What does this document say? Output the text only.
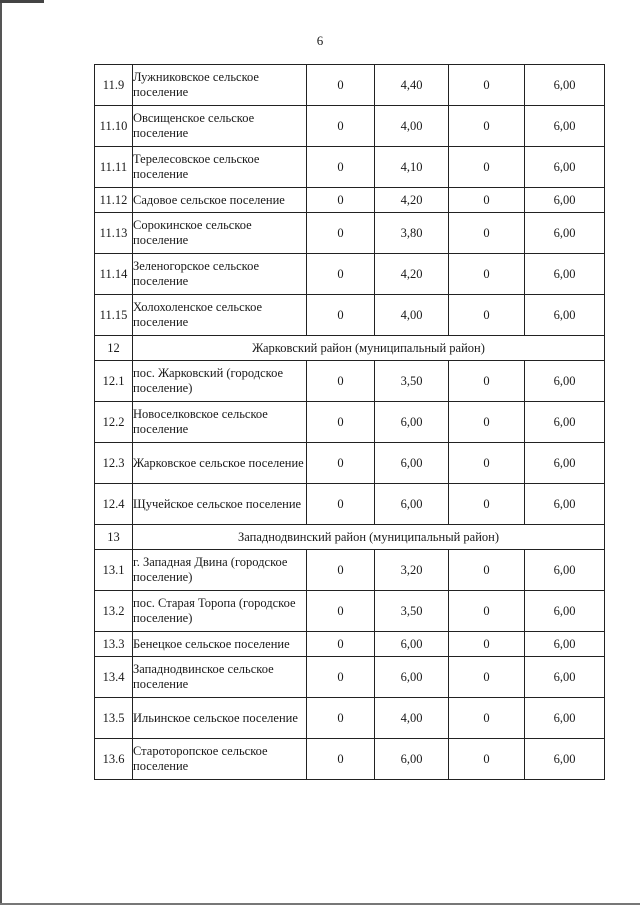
6
11.9	Лужниковское сельское поселение	0	4,40	0	6,00
11.10	Овсищенское сельское поселение	0	4,00	0	6,00
11.11	Терелесовское сельское поселение	0	4,10	0	6,00
11.12	Садовое сельское поселение	0	4,20	0	6,00
11.13	Сорокинское сельское поселение	0	3,80	0	6,00
11.14	Зеленогорское сельское поселение	0	4,20	0	6,00
11.15	Холохоленское сельское поселение	0	4,00	0	6,00
12	Жарковский район (муниципальный район)				
12.1	пос. Жарковский (городское поселение)	0	3,50	0	6,00
12.2	Новоселковское сельское поселение	0	6,00	0	6,00
12.3	Жарковское сельское поселение	0	6,00	0	6,00
12.4	Щучейское сельское поселение	0	6,00	0	6,00
13	Западнодвинский район (муниципальный район)				
13.1	г. Западная Двина (городское поселение)	0	3,20	0	6,00
13.2	пос. Старая Торопа (городское поселение)	0	3,50	0	6,00
13.3	Бенецкое сельское поселение	0	6,00	0	6,00
13.4	Западнодвинское сельское поселение	0	6,00	0	6,00
13.5	Ильинское сельское поселение	0	4,00	0	6,00
13.6	Староторопское сельское поселение	0	6,00	0	6,00
